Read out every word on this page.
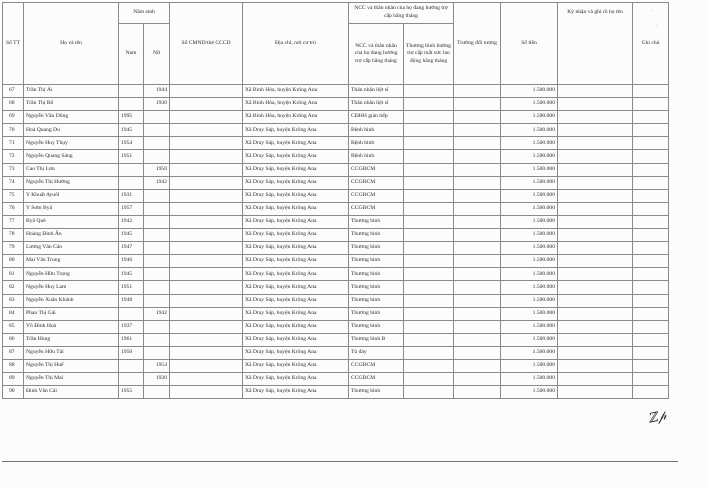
Số TT	Họ và tên	Năm sinh		Số CMND/thẻ CCCD	Địa chỉ, nơi cư trú	NCC và thân nhân của họ đang hưởng trợ cấp hằng tháng		Trường đối tượng	Số tiền	Ký nhận và ghi rõ họ tên	Ghi chú
		Nam	Nữ			NCC và thân nhân của họ đang hưởng trợ cấp hằng tháng	Thương binh hưởng trợ cấp mất sức lao động hằng tháng				
67	Trần Thị Ái		1944		Xã Bình Hòa, huyện Krông Ana	Thân nhân liệt sĩ			1.500.000		
68	Trần Thị Bổ		1930		Xã Bình Hòa, huyện Krông Ana	Thân nhân liệt sĩ			1.500.000		
69	Nguyễn Văn Dũng	1995			Xã Bình Hòa, huyện Krông Ana	CĐHH gián tiếp			1.500.000		
70	Hoà Quang Du	1945			Xã Dray Sáp, huyện Krông Ana	Bệnh binh			1.500.000		
71	Nguyễn Huy Thụy	1954			Xã Dray Sáp, huyện Krông Ana	Bệnh binh			1.500.000		
72	Nguyễn Quang Sáng	1951			Xã Dray Sáp, huyện Krông Ana	Bệnh binh			1.500.000		
73	Cao Thị Lưu		1950		Xã Dray Sáp, huyện Krông Ana	CCGĐCM			1.500.000		
74	Nguyễn Thị Hường		1942		Xã Dray Sáp, huyện Krông Ana	CCGĐCM			1.500.000		
75	Y Khuất Ayuôl	1931			Xã Dray Sáp, huyện Krông Ana	CCGĐCM			1.500.000		
76	Y Sơm Byă	1957			Xã Dray Sáp, huyện Krông Ana	CCGĐCM			1.500.000		
77	Byă Quê	1942			Xã Dray Sáp, huyện Krông Ana	Thương binh			1.500.000		
78	Hoàng Đình Ấn	1945			Xã Dray Sáp, huyện Krông Ana	Thương binh			1.500.000		
79	Lương Văn Cán	1947			Xã Dray Sáp, huyện Krông Ana	Thương binh			1.500.000		
80	Mai Văn Trung	1946			Xã Dray Sáp, huyện Krông Ana	Thương binh			1.500.000		
81	Nguyễn Hữu Trọng	1945			Xã Dray Sáp, huyện Krông Ana	Thương binh			1.500.000		
82	Nguyễn Huy Lam	1951			Xã Dray Sáp, huyện Krông Ana	Thương binh			1.500.000		
83	Nguyễn Xuân Khánh	1948			Xã Dray Sáp, huyện Krông Ana	Thương binh			1.500.000		
84	Phan Thị Gái		1942		Xã Dray Sáp, huyện Krông Ana	Thương binh			1.500.000		
85	Võ Đình Hoà	1937			Xã Dray Sáp, huyện Krông Ana	Thương binh			1.500.000		
86	Trần Hùng	1961			Xã Dray Sáp, huyện Krông Ana	Thương binh B			1.500.000		
87	Nguyễn Hữu Tài	1950			Xã Dray Sáp, huyện Krông Ana	Tù đày			1.500.000		
88	Nguyễn Thị Huế		1954		Xã Dray Sáp, huyện Krông Ana	CCGĐCM			1.500.000		
89	Nguyễn Thị Mai		1930		Xã Dray Sáp, huyện Krông Ana	CCGĐCM			1.500.000		
90	Đinh Văn Cải	1955			Xã Dray Sáp, huyện Krông Ana	Thương binh			1.500.000		
·
.
ℤ𝓅
